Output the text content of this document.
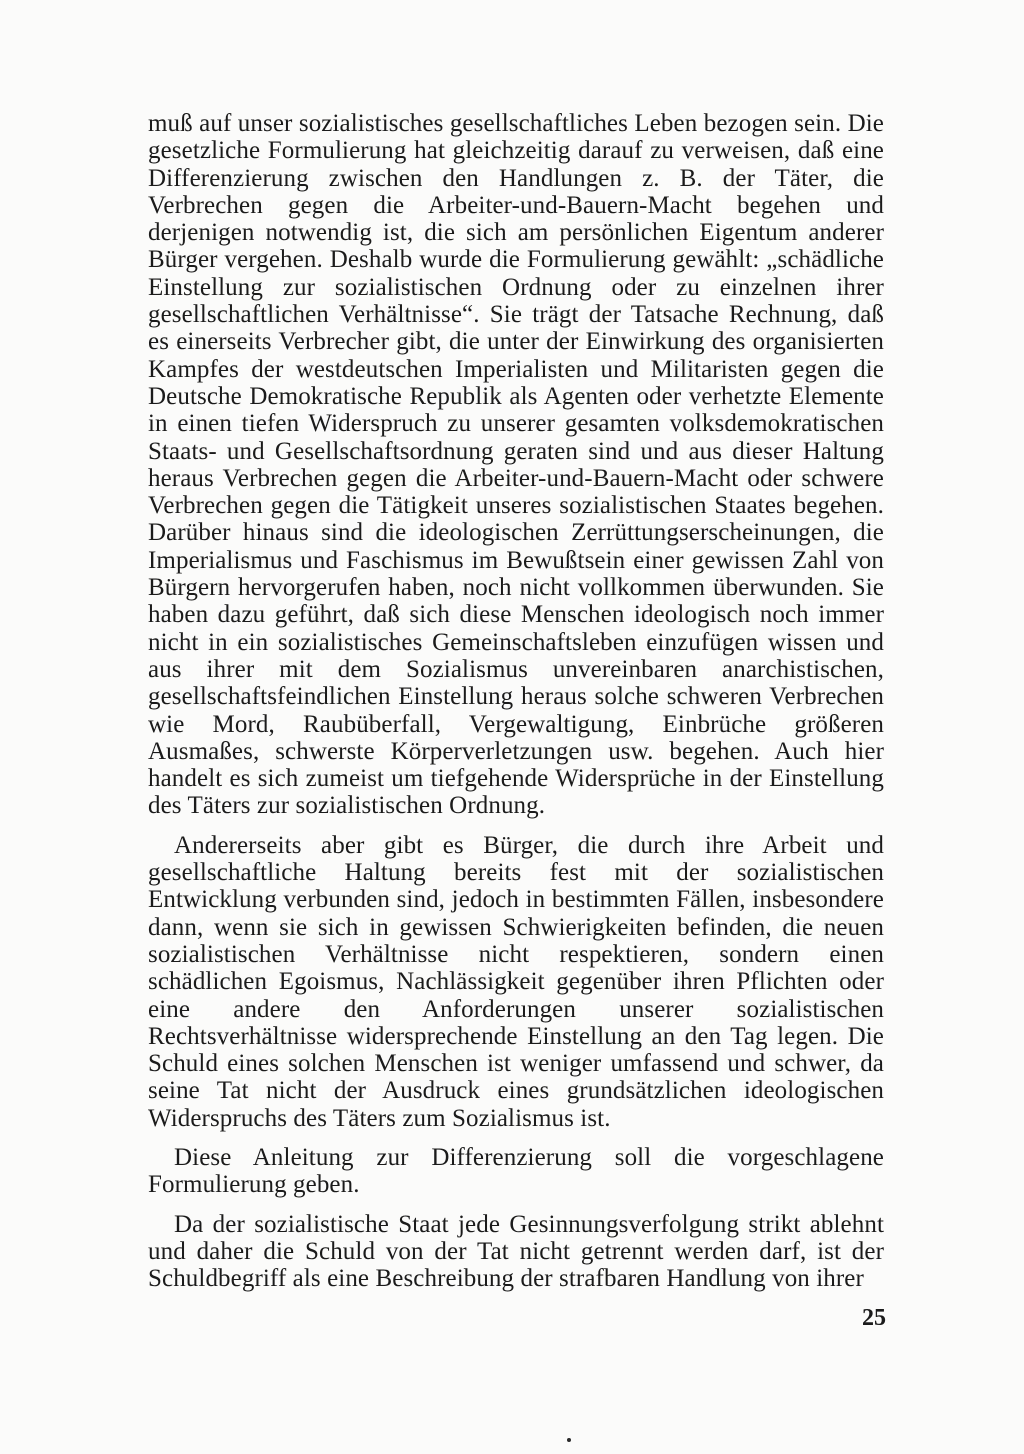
muß auf unser sozialistisches gesellschaftliches Leben bezogen sein. Die gesetzliche Formulierung hat gleichzeitig darauf zu verweisen, daß eine Differenzierung zwischen den Handlungen z. B. der Täter, die Verbrechen gegen die Arbeiter-und-Bauern-Macht begehen und derjenigen notwendig ist, die sich am persönlichen Eigentum anderer Bürger vergehen. Deshalb wurde die Formulierung gewählt: „schädliche Einstellung zur sozialistischen Ordnung oder zu einzelnen ihrer gesellschaftlichen Verhältnisse“. Sie trägt der Tatsache Rechnung, daß es einerseits Verbrecher gibt, die unter der Einwirkung des organisierten Kampfes der westdeutschen Imperialisten und Militaristen gegen die Deutsche Demokratische Republik als Agenten oder verhetzte Elemente in einen tiefen Widerspruch zu unserer gesamten volksdemokratischen Staats- und Gesellschaftsordnung geraten sind und aus dieser Haltung heraus Verbrechen gegen die Arbeiter-und-Bauern-Macht oder schwere Verbrechen gegen die Tätigkeit unseres sozialistischen Staates begehen. Darüber hinaus sind die ideologischen Zerrüttungserscheinungen, die Imperialismus und Faschismus im Bewußtsein einer gewissen Zahl von Bürgern hervorgerufen haben, noch nicht vollkommen überwunden. Sie haben dazu geführt, daß sich diese Menschen ideologisch noch immer nicht in ein sozialistisches Gemeinschaftsleben einzufügen wissen und aus ihrer mit dem Sozialismus unvereinbaren anarchistischen, gesellschaftsfeindlichen Einstellung heraus solche schweren Verbrechen wie Mord, Raubüberfall, Vergewaltigung, Einbrüche größeren Ausmaßes, schwerste Körperverletzungen usw. begehen. Auch hier handelt es sich zumeist um tiefgehende Widersprüche in der Einstellung des Täters zur sozialistischen Ordnung.

Andererseits aber gibt es Bürger, die durch ihre Arbeit und gesellschaftliche Haltung bereits fest mit der sozialistischen Entwicklung verbunden sind, jedoch in bestimmten Fällen, insbesondere dann, wenn sie sich in gewissen Schwierigkeiten befinden, die neuen sozialistischen Verhältnisse nicht respektieren, sondern einen schädlichen Egoismus, Nachlässigkeit gegenüber ihren Pflichten oder eine andere den Anforderungen unserer sozialistischen Rechtsverhältnisse widersprechende Einstellung an den Tag legen. Die Schuld eines solchen Menschen ist weniger umfassend und schwer, da seine Tat nicht der Ausdruck eines grundsätzlichen ideologischen Widerspruchs des Täters zum Sozialismus ist.

Diese Anleitung zur Differenzierung soll die vorgeschlagene Formulierung geben.

Da der sozialistische Staat jede Gesinnungsverfolgung strikt ablehnt und daher die Schuld von der Tat nicht getrennt werden darf, ist der Schuldbegriff als eine Beschreibung der strafbaren Handlung von ihrer

25
